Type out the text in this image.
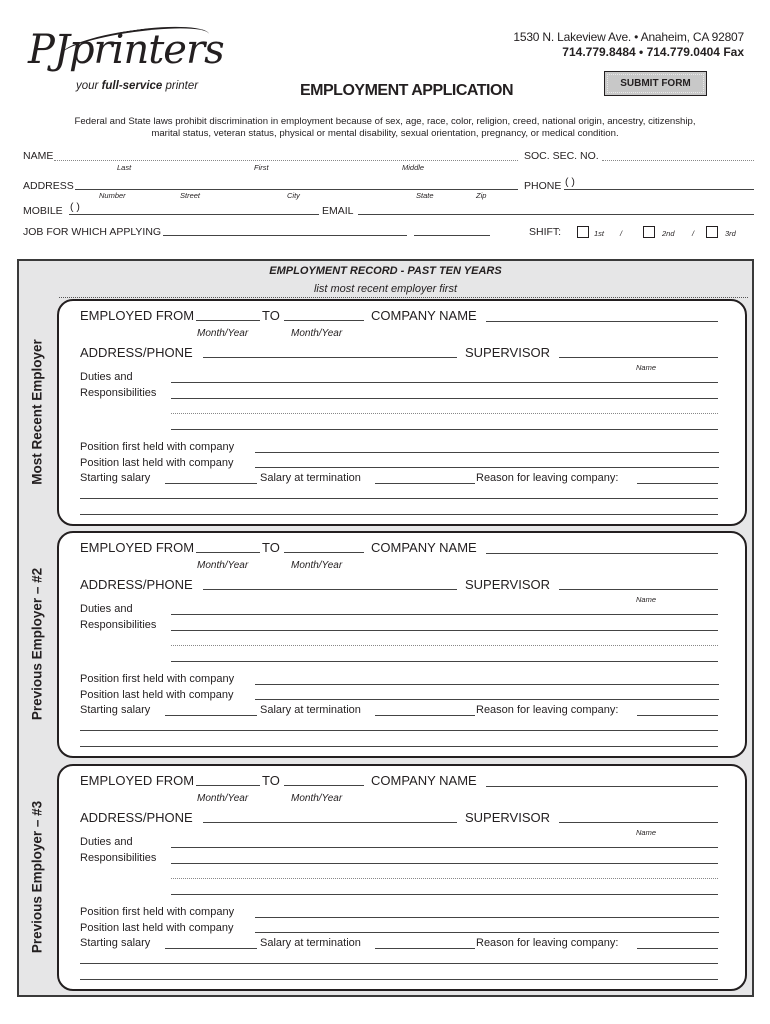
PJprinters
your full-service printer
1530 N. Lakeview Ave. • Anaheim, CA 92807
714.779.8484 • 714.779.0404 Fax
SUBMIT FORM
EMPLOYMENT APPLICATION
Federal and State laws prohibit discrimination in employment because of sex, age, race, color, religion, creed, national origin, ancestry, citizenship,
marital status, veteran status, physical or mental disability, sexual orientation, pregnancy, or medical condition.
NAME
Last	First	Middle
SOC. SEC. NO.
ADDRESS
Number	Street	City	State	Zip
PHONE ( )
MOBILE ( )	EMAIL
JOB FOR WHICH APPLYING	SHIFT:	1st /	2nd /	3rd
EMPLOYMENT RECORD - PAST TEN YEARS
list most recent employer first
Most Recent Employer
EMPLOYED FROM	TO	COMPANY NAME
Month/Year	Month/Year
ADDRESS/PHONE	SUPERVISOR
Name
Duties and
Responsibilities
Position first held with company
Position last held with company
Starting salary	Salary at termination	Reason for leaving company:
Previous Employer – #2
EMPLOYED FROM	TO	COMPANY NAME
Month/Year	Month/Year
ADDRESS/PHONE	SUPERVISOR
Name
Duties and
Responsibilities
Position first held with company
Position last held with company
Starting salary	Salary at termination	Reason for leaving company:
Previous Employer – #3
EMPLOYED FROM	TO	COMPANY NAME
Month/Year	Month/Year
ADDRESS/PHONE	SUPERVISOR
Name
Duties and
Responsibilities
Position first held with company
Position last held with company
Starting salary	Salary at termination	Reason for leaving company:
